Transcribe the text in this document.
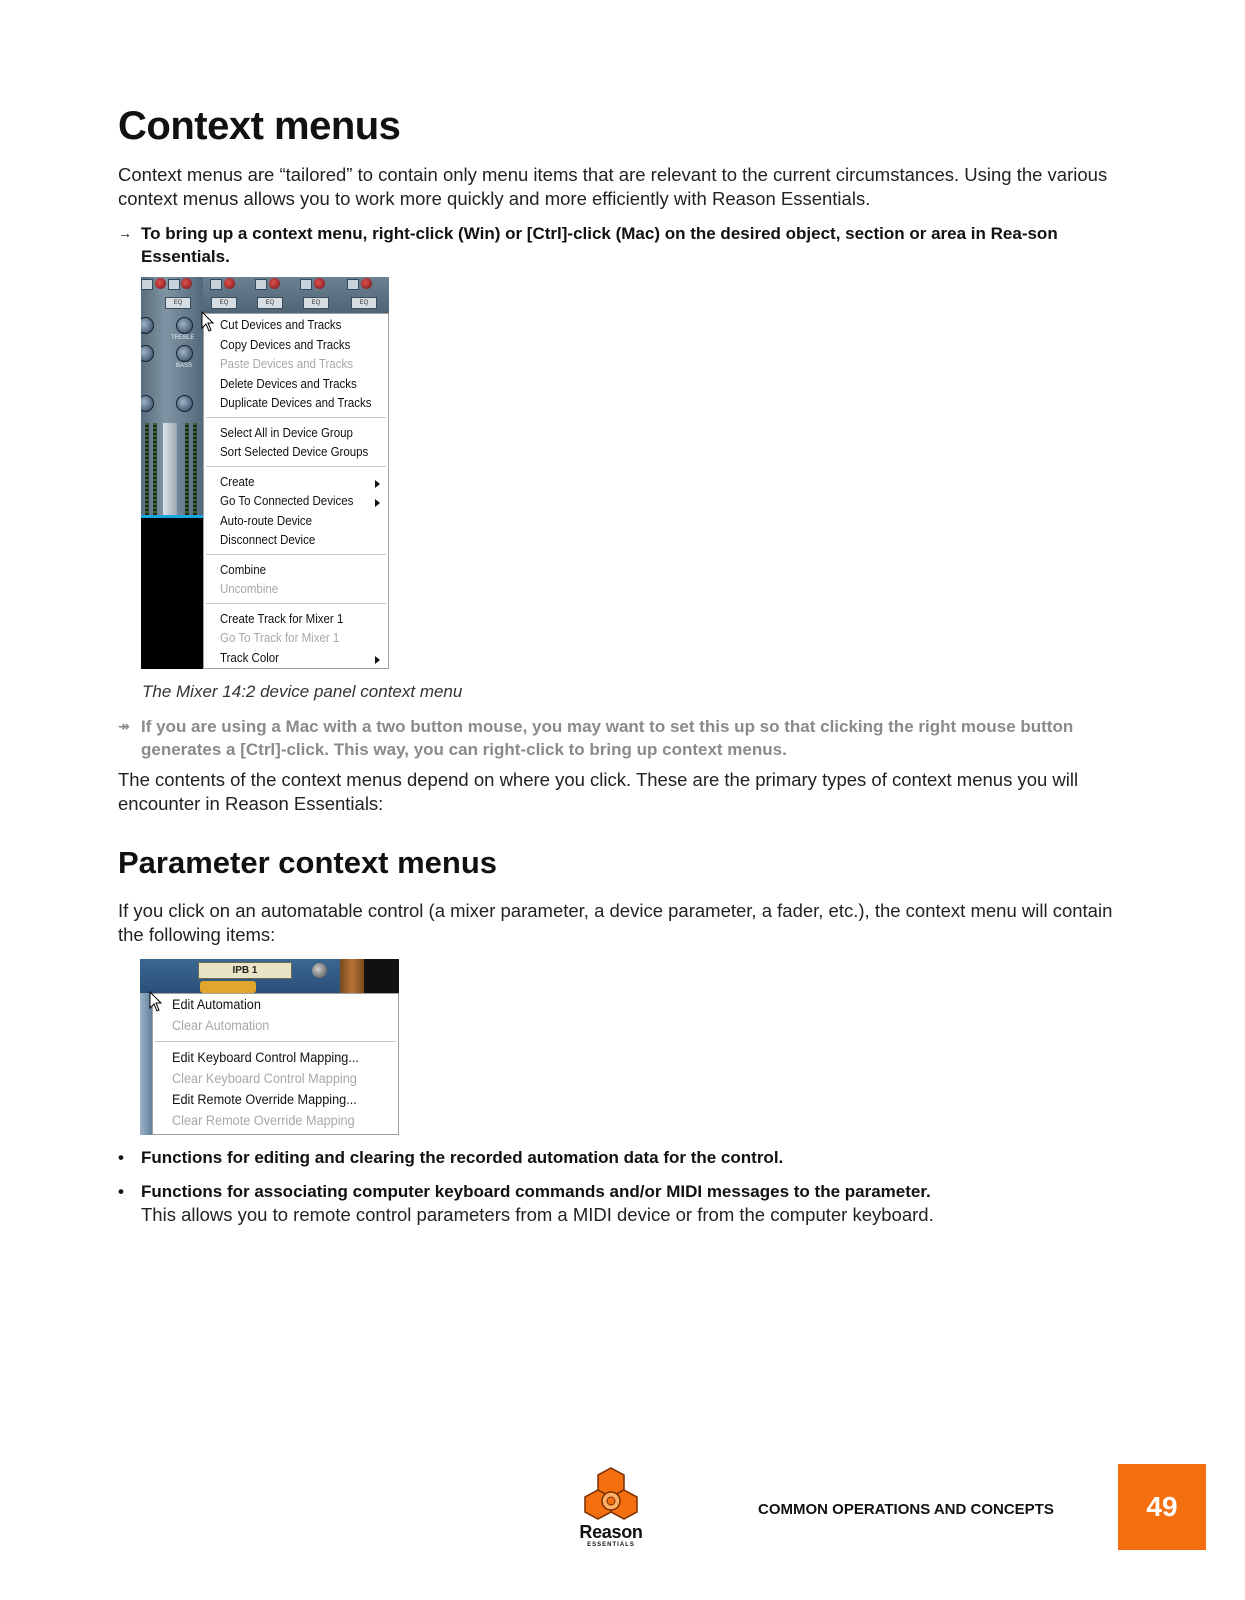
Context menus

Context menus are “tailored” to contain only menu items that are relevant to the current circumstances. Using the various context menus allows you to work more quickly and more efficiently with Reason Essentials.

→ To bring up a context menu, right-click (Win) or [Ctrl]-click (Mac) on the desired object, section or area in Rea-son Essentials.
EQ	EQ	EQ	EQ	EQ
TREBLE
BASS
Cut Devices and Tracks
Copy Devices and Tracks
Paste Devices and Tracks
Delete Devices and Tracks
Duplicate Devices and Tracks
Select All in Device Group
Sort Selected Device Groups
Create
Go To Connected Devices
Auto-route Device
Disconnect Device
Combine
Uncombine
Create Track for Mixer 1
Go To Track for Mixer 1
Track Color
The Mixer 14:2 device panel context menu
↠ If you are using a Mac with a two button mouse, you may want to set this up so that clicking the right mouse button generates a [Ctrl]-click. This way, you can right-click to bring up context menus.

The contents of the context menus depend on where you click. These are the primary types of context menus you will encounter in Reason Essentials:

Parameter context menus

If you click on an automatable control (a mixer parameter, a device parameter, a fader, etc.), the context menu will contain the following items:

IPB 1
Edit Automation
Clear Automation
Edit Keyboard Control Mapping...
Clear Keyboard Control Mapping
Edit Remote Override Mapping...
Clear Remote Override Mapping
• Functions for editing and clearing the recorded automation data for the control.
• Functions for associating computer keyboard commands and/or MIDI messages to the parameter.
This allows you to remote control parameters from a MIDI device or from the computer keyboard.
Reason
ESSENTIALS
COMMON OPERATIONS AND CONCEPTS	49
